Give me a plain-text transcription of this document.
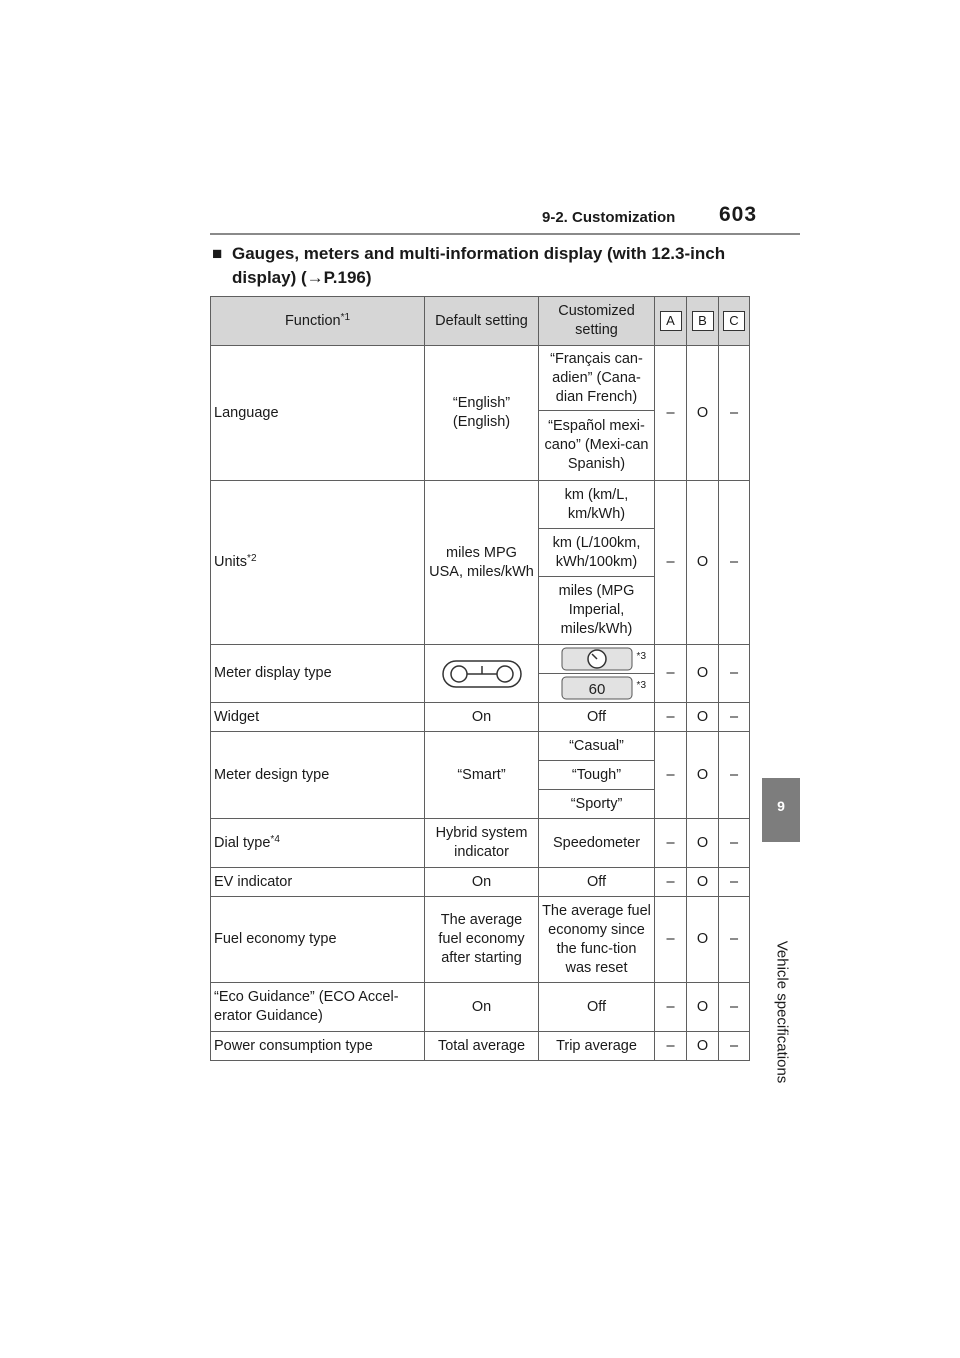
9-2. Customization 603
9
Vehicle specifications
■ Gauges, meters and multi-information display (with 12.3-inch
display) (→P.196)
Function$^{*1}$	Default setting	Customized setting	A	B	C
Language	“English” (English)	“Français can-adien” (Cana-dian French)	–	O	–
		“Español mexi-cano” (Mexi-can Spanish)			
Units$^{*2}$	miles MPG USA, miles/kWh	km (km/L, km/kWh)	–	O	–
		km (L/100km, kWh/100km)			
		miles (MPG Imperial, miles/kWh)			
Meter display type		*3	–	O	–

60 *3			

Widget	On	Off	–	O	–
Meter design type	“Smart”	“Casual”	–	O	–
		“Tough”			
		“Sporty”			
Dial type$^{*4}$	Hybrid system indicator	Speedometer	–	O	–
EV indicator	On	Off	–	O	–
Fuel economy type	The average fuel economy after starting	The average fuel economy since the func-tion was reset	–	O	–
“Eco Guidance” (ECO Accel-erator Guidance)	On	Off	–	O	–
Power consumption type	Total average	Trip average	–	O	–
